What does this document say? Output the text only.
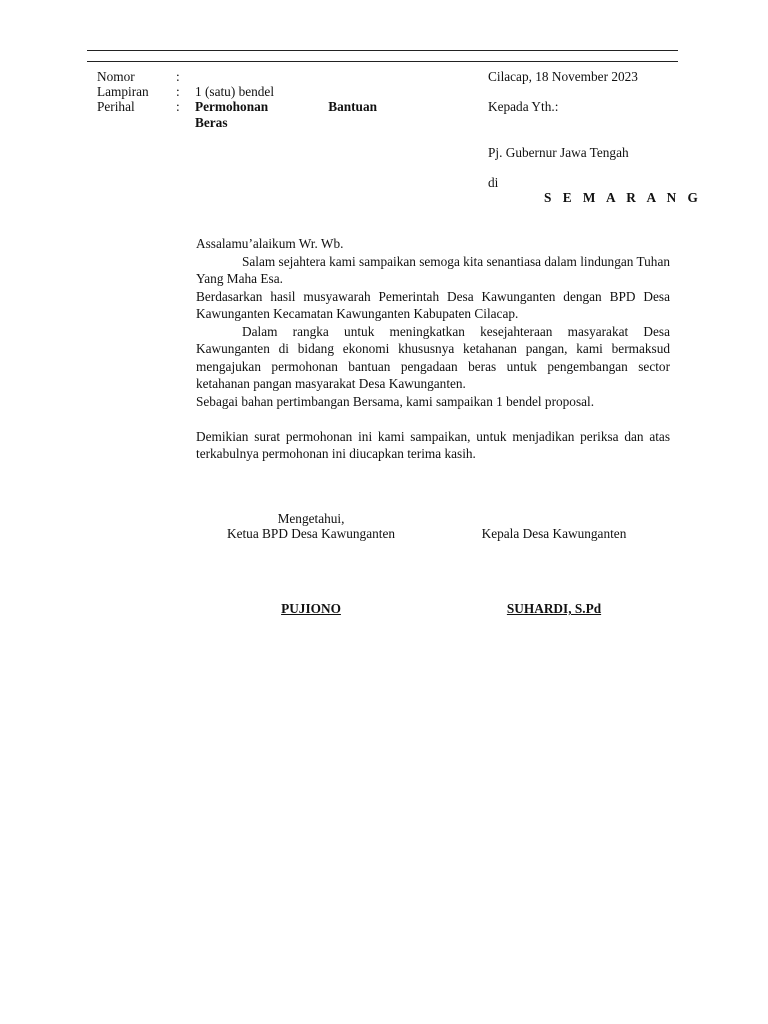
Nomor	:
Lampiran : 1 (satu) bendel
Perihal	: Permohonan	Bantuan
Beras
Cilacap, 18 November 2023
Kepada Yth.:
Pj. Gubernur Jawa Tengah
di
S E M A R A N G

Assalamu’alaikum Wr. Wb.

Salam sejahtera kami sampaikan semoga kita senantiasa dalam lindungan Tuhan Yang Maha Esa.

Berdasarkan hasil musyawarah Pemerintah Desa Kawunganten dengan BPD Desa Kawunganten Kecamatan Kawunganten Kabupaten Cilacap.

Dalam rangka untuk meningkatkan kesejahteraan masyarakat Desa Kawunganten di bidang ekonomi khususnya ketahanan pangan, kami bermaksud mengajukan permohonan bantuan pengadaan beras untuk pengembangan sector ketahanan pangan masyarakat Desa Kawunganten.

Sebagai bahan pertimbangan Bersama, kami sampaikan 1 bendel proposal.

Demikian surat permohonan ini kami sampaikan, untuk menjadikan periksa dan atas terkabulnya permohonan ini diucapkan terima kasih.

Mengetahui,
Ketua BPD Desa Kawunganten	Kepala Desa Kawunganten
PUJIONO	SUHARDI, S.Pd
